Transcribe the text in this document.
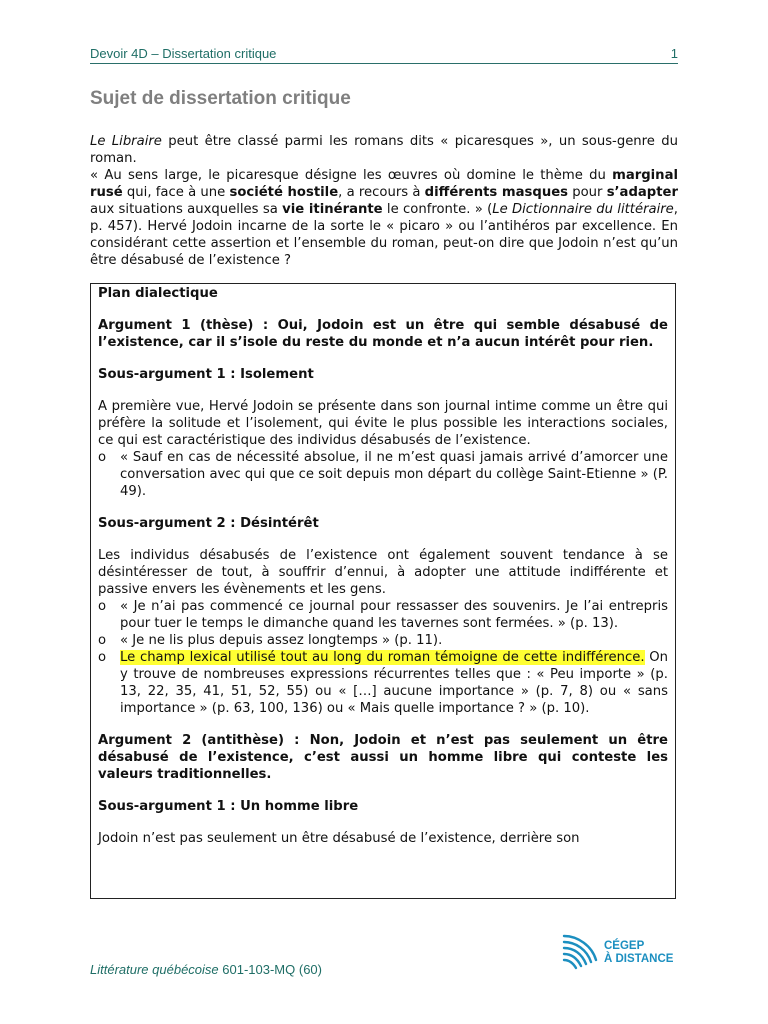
Devoir 4D – Dissertation critique	1
Sujet de dissertation critique

Le Libraire peut être classé parmi les romans dits « picaresques », un sous-genre du roman.

« Au sens large, le picaresque désigne les œuvres où domine le thème du marginal rusé qui, face à une société hostile, a recours à différents masques pour s’adapter aux situations auxquelles sa vie itinérante le confronte. » (Le Dictionnaire du littéraire, p. 457). Hervé Jodoin incarne de la sorte le « picaro » ou l’antihéros par excellence. En considérant cette assertion et l’ensemble du roman, peut-on dire que Jodoin n’est qu’un être désabusé de l’existence ?

Plan dialectique

Argument 1 (thèse) : Oui, Jodoin est un être qui semble désabusé de l’existence, car il s’isole du reste du monde et n’a aucun intérêt pour rien.

Sous-argument 1 : Isolement

A première vue, Hervé Jodoin se présente dans son journal intime comme un être qui préfère la solitude et l’isolement, qui évite le plus possible les interactions sociales, ce qui est caractéristique des individus désabusés de l’existence.

o « Sauf en cas de nécessité absolue, il ne m’est quasi jamais arrivé d’amorcer une conversation avec qui que ce soit depuis mon départ du collège Saint-Etienne » (P. 49).

Sous-argument 2 : Désintérêt

Les individus désabusés de l’existence ont également souvent tendance à se désintéresser de tout, à souffrir d’ennui, à adopter une attitude indifférente et passive envers les évènements et les gens.

o « Je n’ai pas commencé ce journal pour ressasser des souvenirs. Je l’ai entrepris pour tuer le temps le dimanche quand les tavernes sont fermées. » (p. 13).
o « Je ne lis plus depuis assez longtemps » (p. 11).
o Le champ lexical utilisé tout au long du roman témoigne de cette indifférence. On y trouve de nombreuses expressions récurrentes telles que : « Peu importe » (p. 13, 22, 35, 41, 51, 52, 55) ou « […] aucune importance » (p. 7, 8) ou « sans importance » (p. 63, 100, 136) ou « Mais quelle importance ? » (p. 10).

Argument 2 (antithèse) : Non, Jodoin et n’est pas seulement un être désabusé de l’existence, c’est aussi un homme libre qui conteste les valeurs traditionnelles.

Sous-argument 1 : Un homme libre

Jodoin n’est pas seulement un être désabusé de l’existence, derrière son

Littérature québécoise 601-103-MQ (60)
CÉGEP
À DISTANCE
